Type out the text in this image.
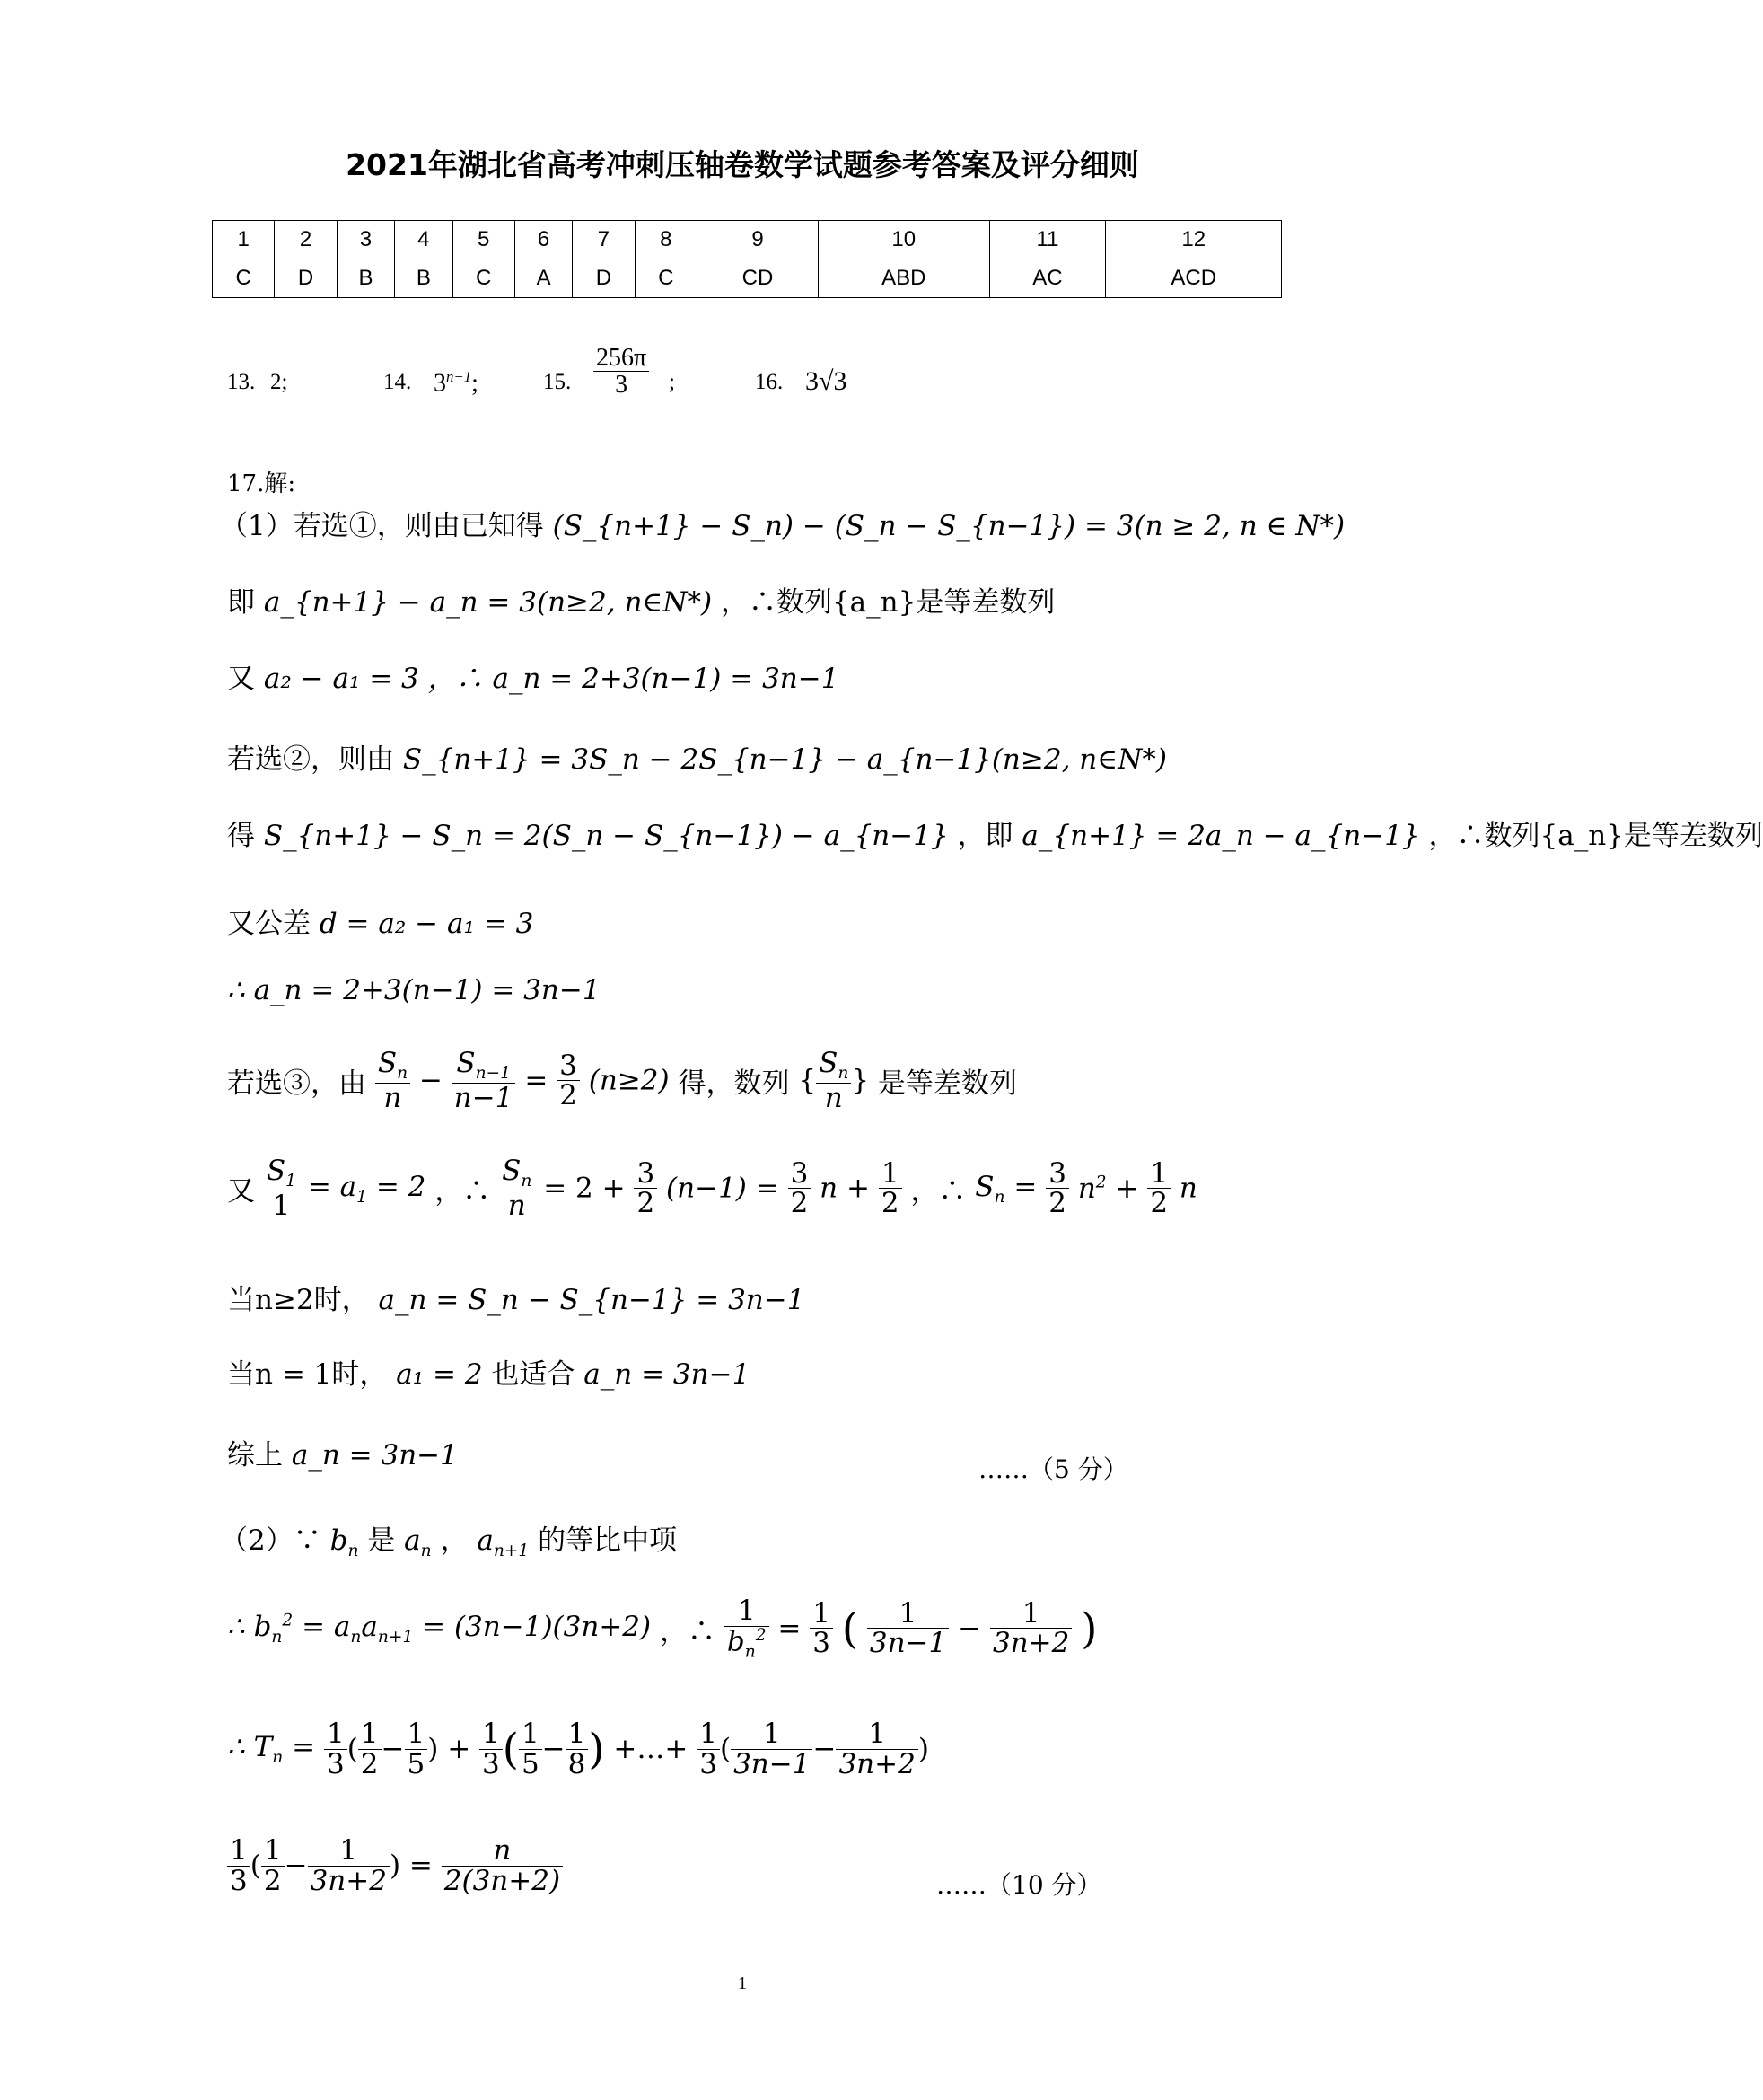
2021年湖北省高考冲刺压轴卷数学试题参考答案及评分细则
1	2	3	4	5	6	7	8	9	10	11	12
C	D	B	B	C	A	D	C	CD	ABD	AC	ACD
13. 2;	14. $3^{n-1}$;	15. $\frac{256\pi}{3}$ ;	16. 3√3
17.解:
（1）若选①，则由已知得 (S_{n+1} − S_n) − (S_n − S_{n−1}) = 3(n ≥ 2, n ∈ N*)
即 a_{n+1} − a_n = 3(n≥2, n∈N*) ，∴数列{a_n}是等差数列
又 a₂ − a₁ = 3 ，∴ a_n = 2+3(n−1) = 3n−1
若选②，则由 S_{n+1} = 3S_n − 2S_{n−1} − a_{n−1}(n≥2, n∈N*)
得 S_{n+1} − S_n = 2(S_n − S_{n−1}) − a_{n−1} ，即 a_{n+1} = 2a_n − a_{n−1} ，∴数列{a_n}是等差数列
又公差 d = a₂ − a₁ = 3
∴ a_n = 2+3(n−1) = 3n−1
若选③，由 $\frac{S_n}{n} - \frac{S_{n-1}}{n-1} = \frac{3}{2} (n\ge 2)$ 得，数列 { $\frac{S_n}{n}$ } 是等差数列
又 $\frac{S_1}{1} = a_1 = 2$ ，∴ $\frac{S_n}{n} = 2 + \frac{3}{2} (n-1) = \frac{3}{2}$ $n + \frac{1}{2}$ ，∴ $S_n = \frac{3}{2} n^2 + \frac{1}{2}$ n
当n≥2时， a_n = S_n − S_{n−1} = 3n−1
当n = 1时， a₁ = 2 也适合 a_n = 3n−1
综上 a_n = 3n−1	……（5 分）
（2）∵ $b_n$ 是 $a_n$ ， $a_{n+1}$ 的等比中项
∴ $b_n^2 = a_na_{n+1} = (3n-1)(3n+2)$ ，∴ $\frac{1}{b_n^2} = \frac{1}{3}$ ( $\frac{1}{3n-1} - \frac{1}{3n+2}$ )
∴ $T_n = \frac{1}{3}$ ( $\frac{1}{2} - \frac{1}{5}$ ) + $\frac{1}{3}$ ( $\frac{1}{5} - \frac{1}{8}$ ) +…+ $\frac{1}{3}$ ( $\frac{1}{3n-1} - \frac{1}{3n+2}$ )
$\frac{1}{3}$ ( $\frac{1}{2} - \frac{1}{3n+2}$ ) = $\frac{n}{2(3n+2)}$	……（10 分）
1
